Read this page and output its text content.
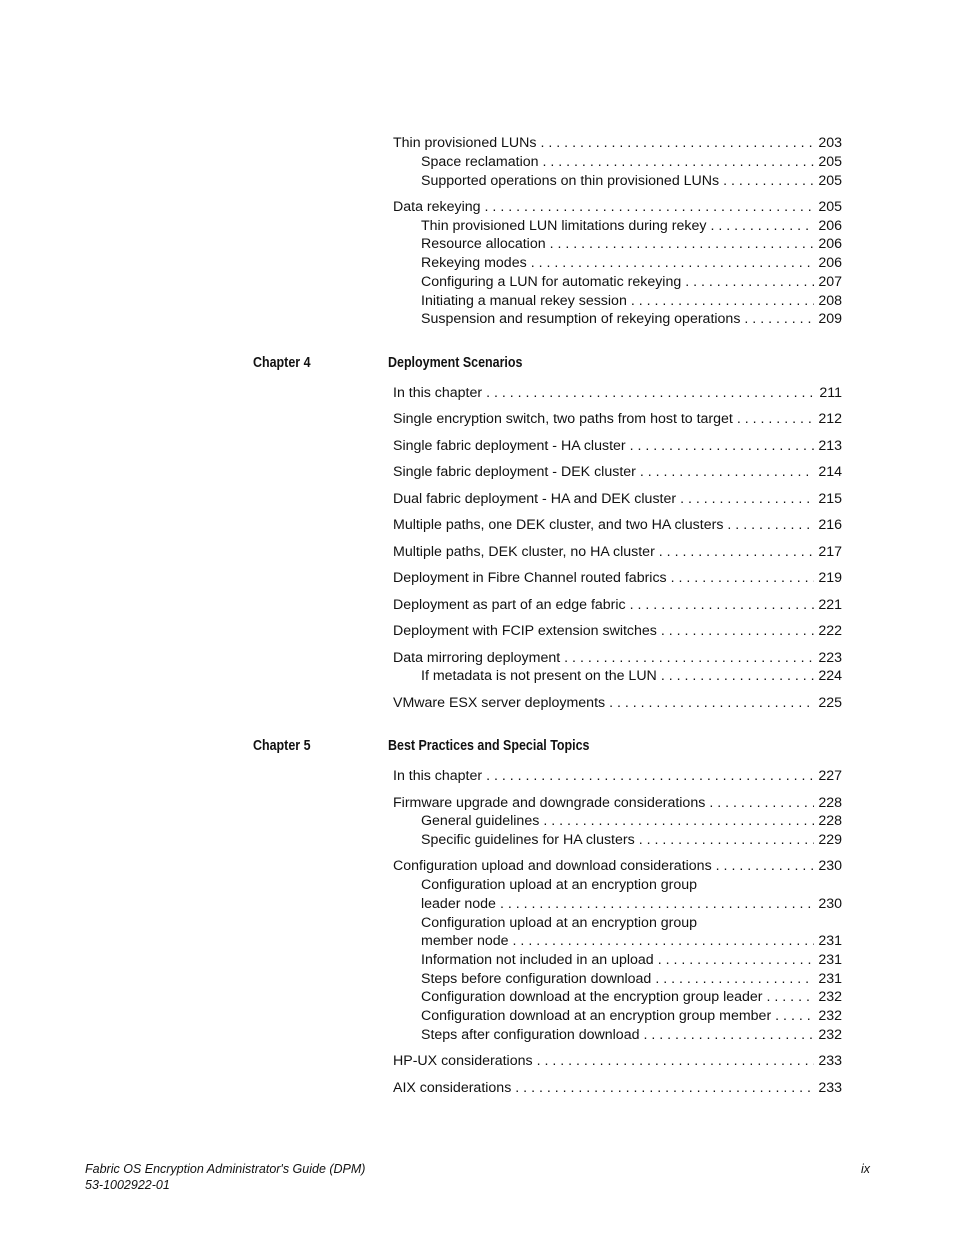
Thin provisioned LUNs . . .	203
Space reclamation . . .	205
Supported operations on thin provisioned LUNs . . .	205
Data rekeying . . .	205
Thin provisioned LUN limitations during rekey . . .	206
Resource allocation . . .	206
Rekeying modes . . .	206
Configuring a LUN for automatic rekeying . . .	207
Initiating a manual rekey session . . .	208
Suspension and resumption of rekeying operations . . .	209
Chapter 4	Deployment Scenarios
In this chapter . . .	211
Single encryption switch, two paths from host to target . . .	212
Single fabric deployment - HA cluster . . .	213
Single fabric deployment - DEK cluster . . .	214
Dual fabric deployment - HA and DEK cluster . . .	215
Multiple paths, one DEK cluster, and two HA clusters . . .	216
Multiple paths, DEK cluster, no HA cluster . . .	217
Deployment in Fibre Channel routed fabrics . . .	219
Deployment as part of an edge fabric . . .	221
Deployment with FCIP extension switches . . .	222
Data mirroring deployment . . .	223
If metadata is not present on the LUN . . .	224
VMware ESX server deployments . . .	225
Chapter 5	Best Practices and Special Topics
In this chapter . . .	227
Firmware upgrade and downgrade considerations . . .	228
General guidelines . . .	228
Specific guidelines for HA clusters . . .	229
Configuration upload and download considerations . . .	230
Configuration upload at an encryption group
leader node . . .	230
Configuration upload at an encryption group
member node . . .	231
Information not included in an upload . . .	231
Steps before configuration download . . .	231
Configuration download at the encryption group leader . . .	232
Configuration download at an encryption group member . . .	232
Steps after configuration download . . .	232
HP-UX considerations . . .	233
AIX considerations . . .	233
Fabric OS Encryption Administrator's Guide (DPM)
53-1002922-01
ix
